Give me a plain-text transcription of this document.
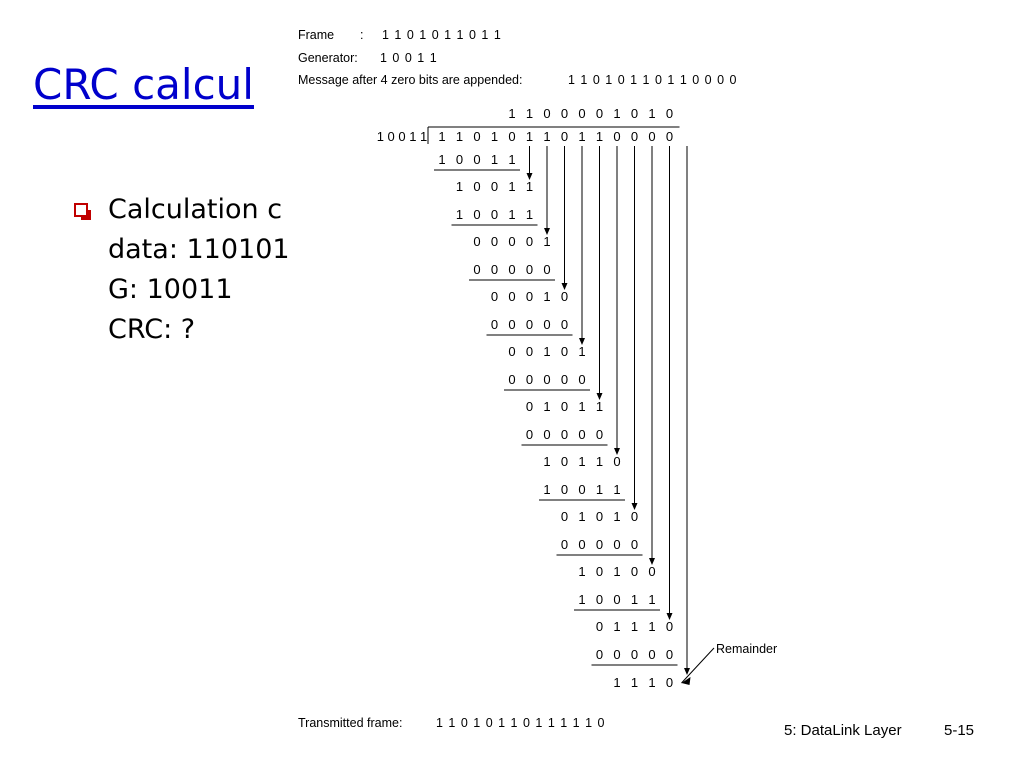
CRC calcul
Calculation c
data: 110101
G: 10011
CRC: ?
Frame : 1 1 0 1 0 1 1 0 1 1
Generator: 1 0 0 1 1
Message after 4 zero bits are appended:	1 1 0 1 0 1 1 0 1 1 0 0 0 0
Remainder
Transmitted frame:	1 1 0 1 0 1 1 0 1 1 1 1 1 0
1 1 0 0 0 0 1 0 1 0
1 0 0 1 1 1 1 0 1 0 1 1 0 1 1 0 0 0 0
1 0 0 1 1
1 0 0 1 1
1 0 0 1 1
0 0 0 0 1
0 0 0 0 0
0 0 0 1 0
0 0 0 0 0
0 0 1 0 1
0 0 0 0 0
0 1 0 1 1
0 0 0 0 0
1 0 1 1 0
1 0 0 1 1
0 1 0 1 0
0 0 0 0 0
1 0 1 0 0
1 0 0 1 1
0 1 1 1 0
0 0 0 0 0
1 1 1 0
5: DataLink Layer	5-15
